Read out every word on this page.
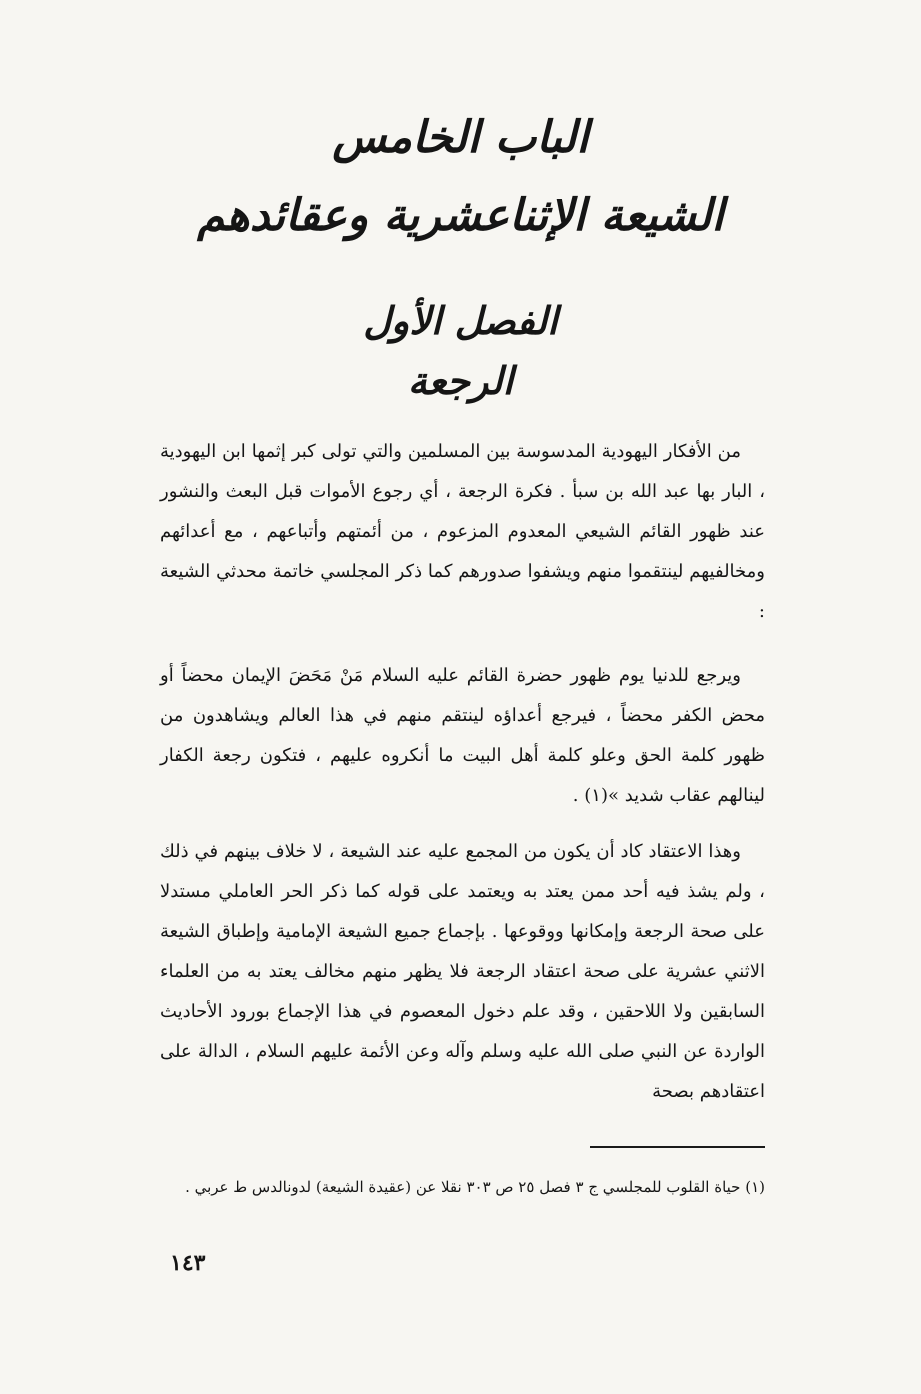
الباب الخامس
الشيعة الإثناعشرية وعقائدهم
الفصل الأول
الرجعة

من الأفكار اليهودية المدسوسة بين المسلمين والتي تولى كبر إثمها ابن اليهودية ، البار بها عبد الله بن سبأ . فكرة الرجعة ، أي رجوع الأموات قبل البعث والنشور عند ظهور القائم الشيعي المعدوم المزعوم ، من أئمتهم وأتباعهم ، مع أعدائهم ومخالفيهم لينتقموا منهم ويشفوا صدورهم كما ذكر المجلسي خاتمة محدثي الشيعة :

ويرجع للدنيا يوم ظهور حضرة القائم عليه السلام مَنْ مَحَضَ الإيمان محضاً أو محض الكفر محضاً ، فيرجع أعداؤه لينتقم منهم في هذا العالم ويشاهدون من ظهور كلمة الحق وعلو كلمة أهل البيت ما أنكروه عليهم ، فتكون رجعة الكفار لينالهم عقاب شديد »(١) .

وهذا الاعتقاد كاد أن يكون من المجمع عليه عند الشيعة ، لا خلاف بينهم في ذلك ، ولم يشذ فيه أحد ممن يعتد به ويعتمد على قوله كما ذكر الحر العاملي مستدلا على صحة الرجعة وإمكانها ووقوعها . بإجماع جميع الشيعة الإمامية وإطباق الشيعة الاثني عشرية على صحة اعتقاد الرجعة فلا يظهر منهم مخالف يعتد به من العلماء السابقين ولا اللاحقين ، وقد علم دخول المعصوم في هذا الإجماع بورود الأحاديث الواردة عن النبي صلى الله عليه وسلم وآله وعن الأئمة عليهم السلام ، الدالة على اعتقادهم بصحة

(١) حياة القلوب للمجلسي ج ٣ فصل ٢٥ ص ٣٠٣ نقلا عن (عقيدة الشيعة) لدونالدس ط عربي .
١٤٣
